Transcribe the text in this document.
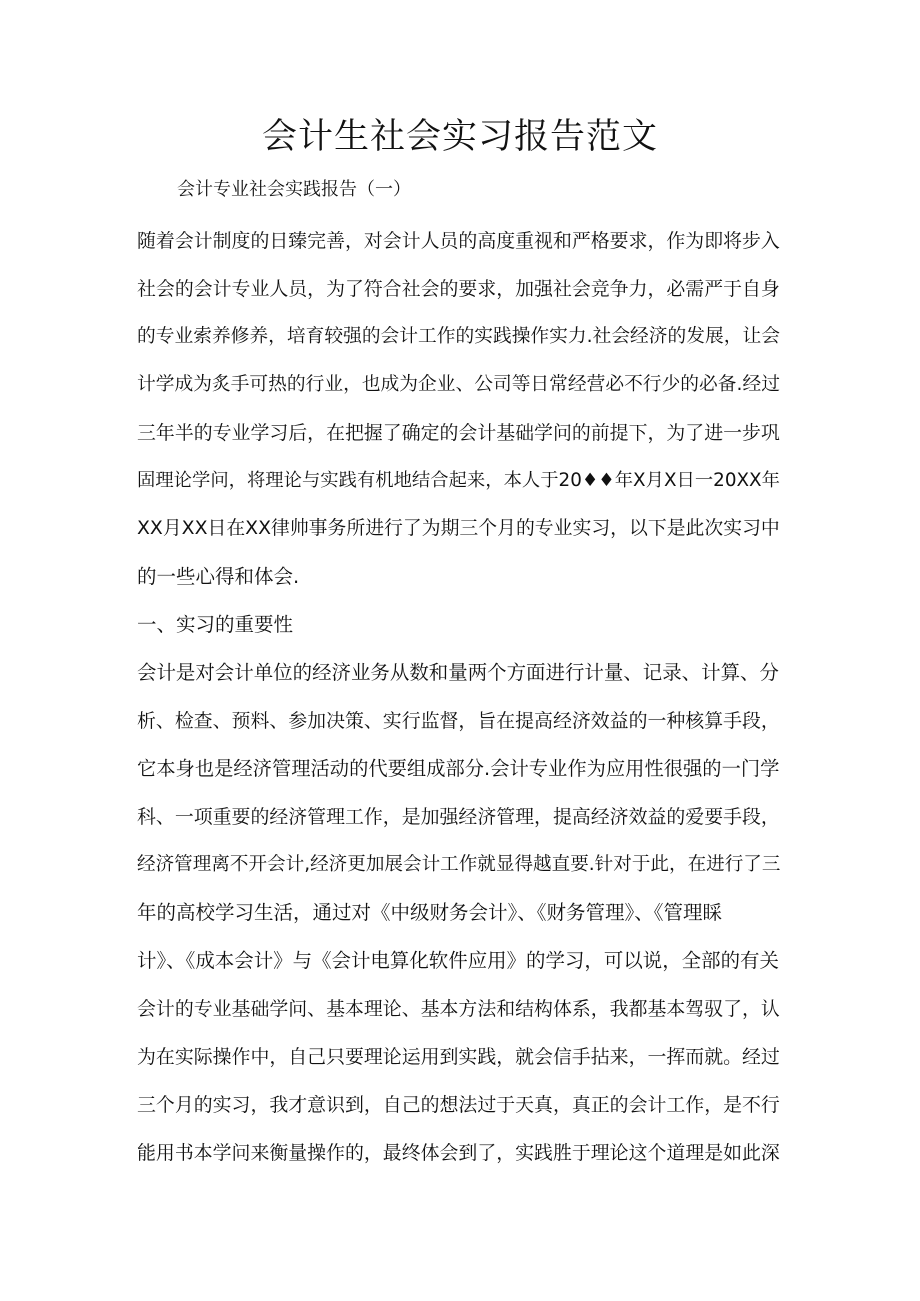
会计生社会实习报告范文
会计专业社会实践报告（一）
随着会计制度的日臻完善，对会计人员的高度重视和严格要求，作为即将步入
社会的会计专业人员，为了符合社会的要求，加强社会竞争力，必需严于自身
的专业索养修养，培育较强的会计工作的实践操作实力.社会经济的发展，让会
计学成为炙手可热的行业，也成为企业、公司等日常经营必不行少的必备.经过
三年半的专业学习后，在把握了确定的会计基础学问的前提下，为了进一步巩
固理论学问，将理论与实践有机地结合起来，本人于20♦♦年X月X日一20XX年
XX月XX日在XX律帅事务所进行了为期三个月的专业实习，以下是此次实习中
的一些心得和体会.
一、实习的重要性
会计是对会计单位的经济业务从数和量两个方面进行计量、记录、计算、分
析、检查、预料、参加决策、实行监督，旨在提高经济效益的一种核算手段，
它本身也是经济管理活动的代要组成部分.会计专业作为应用性很强的一门学
科、一项重要的经济管理工作，是加强经济管理，提高经济效益的爱要手段，
经济管理离不开会计,经济更加展会计工作就显得越直要.针对于此，在进行了三
年的高校学习生活，通过对《中级财务会计》、《财务管理》、《管理睬
计》、《成本会计》与《会计电算化软件应用》的学习，可以说，全部的有关
会计的专业基础学问、基本理论、基本方法和结构体系，我都基本驾驭了，认
为在实际操作中，自己只要理论运用到实践，就会信手拈来，一挥而就。经过
三个月的实习，我才意识到，自己的想法过于天真，真正的会计工作，是不行
能用书本学问来衡量操作的，最终体会到了，实践胜于理论这个道理是如此深
